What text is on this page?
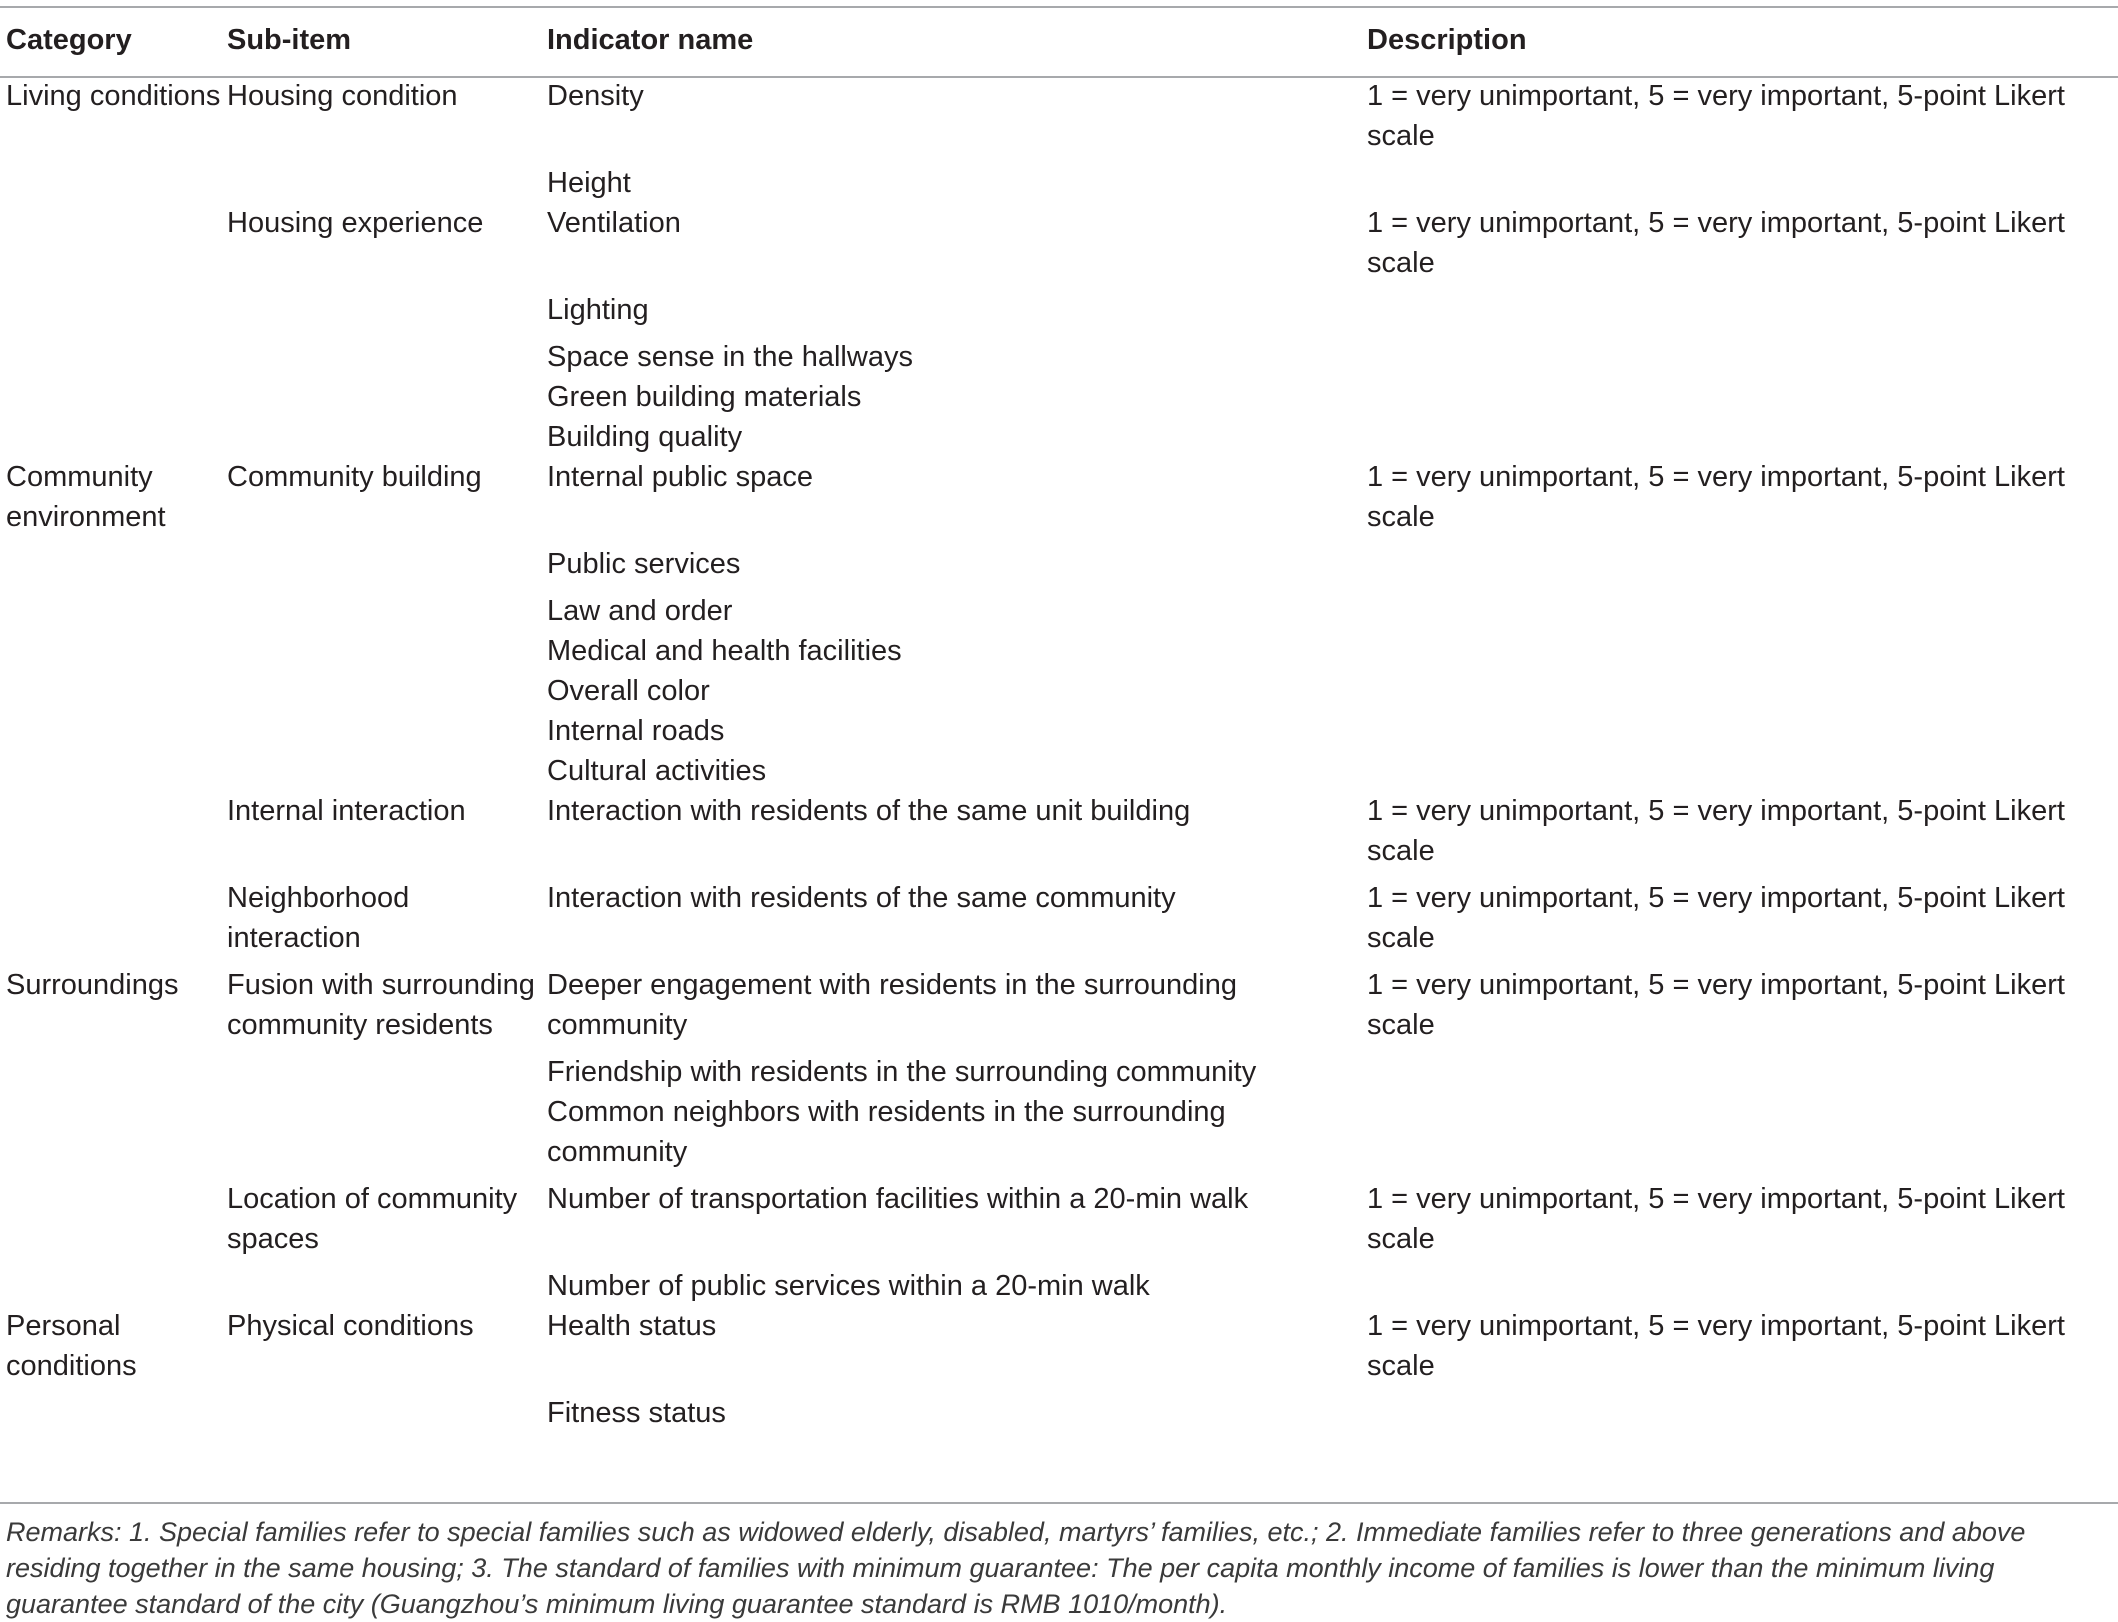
Category	Sub-item	Indicator name	Description
Living conditions	Housing condition	Density	1 = very unimportant, 5 = very important, 5-point Likert scale
		Height	
	Housing experience	Ventilation	1 = very unimportant, 5 = very important, 5-point Likert scale
		Lighting	
		Space sense in the hallways	
		Green building materials	
		Building quality	
Community environment	Community building	Internal public space	1 = very unimportant, 5 = very important, 5-point Likert scale
		Public services	
		Law and order	
		Medical and health facilities	
		Overall color	
		Internal roads	
		Cultural activities	
	Internal interaction	Interaction with residents of the same unit building	1 = very unimportant, 5 = very important, 5-point Likert scale
	Neighborhood interaction	Interaction with residents of the same community	1 = very unimportant, 5 = very important, 5-point Likert scale
Surroundings	Fusion with surrounding community residents	Deeper engagement with residents in the surrounding community	1 = very unimportant, 5 = very important, 5-point Likert scale
		Friendship with residents in the surrounding community	
		Common neighbors with residents in the surrounding community	
	Location of community spaces	Number of transportation facilities within a 20-min walk	1 = very unimportant, 5 = very important, 5-point Likert scale
		Number of public services within a 20-min walk	
Personal conditions	Physical conditions	Health status	1 = very unimportant, 5 = very important, 5-point Likert scale
		Fitness status	
Remarks: 1. Special families refer to special families such as widowed elderly, disabled, martyrs’ families, etc.; 2. Immediate families refer to three generations and above residing together in the same housing; 3. The standard of families with minimum guarantee: The per capita monthly income of families is lower than the minimum living guarantee standard of the city (Guangzhou’s minimum living guarantee standard is RMB 1010/month).
